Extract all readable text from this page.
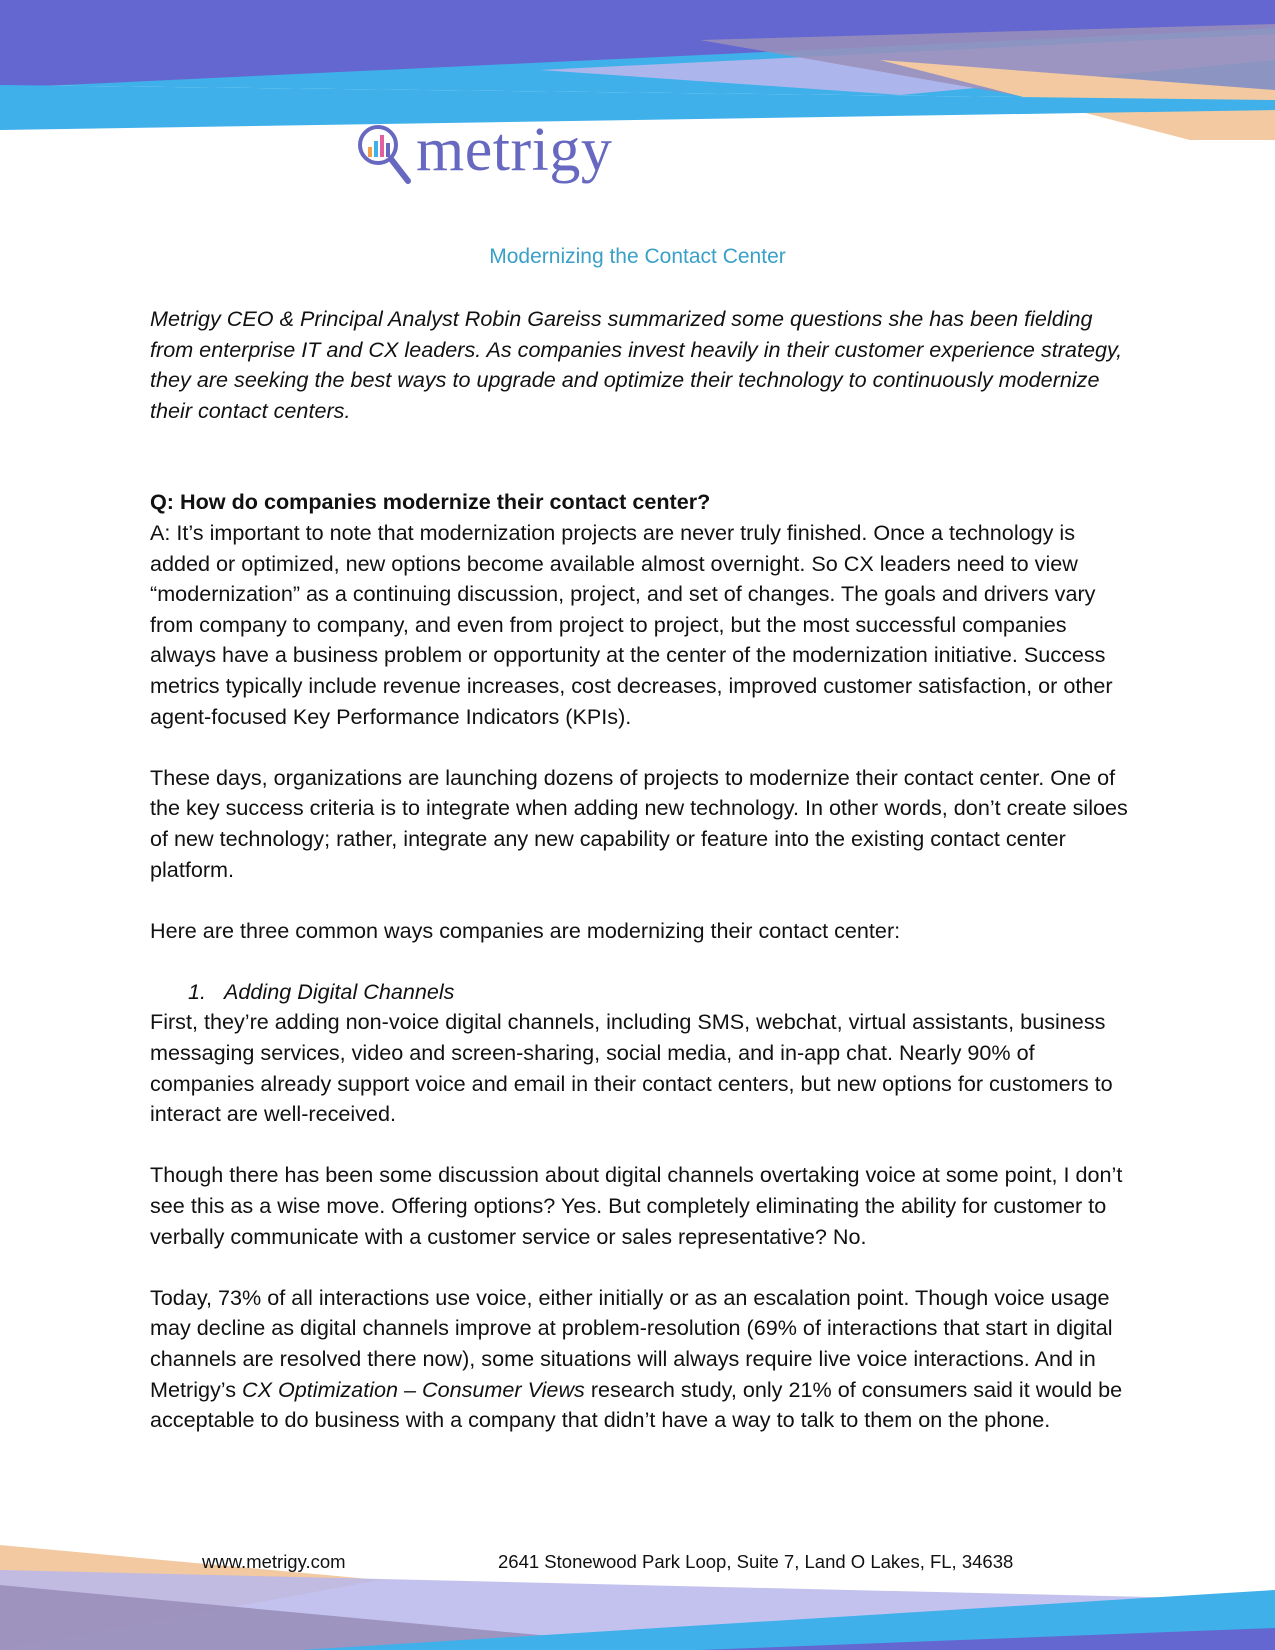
metrigy
Modernizing the Contact Center

Metrigy CEO & Principal Analyst Robin Gareiss summarized some questions she has been fielding from enterprise IT and CX leaders. As companies invest heavily in their customer experience strategy, they are seeking the best ways to upgrade and optimize their technology to continuously modernize their contact centers.

Q: How do companies modernize their contact center?

A: It’s important to note that modernization projects are never truly finished. Once a technology is added or optimized, new options become available almost overnight. So CX leaders need to view “modernization” as a continuing discussion, project, and set of changes. The goals and drivers vary from company to company, and even from project to project, but the most successful companies always have a business problem or opportunity at the center of the modernization initiative. Success metrics typically include revenue increases, cost decreases, improved customer satisfaction, or other agent-focused Key Performance Indicators (KPIs).

These days, organizations are launching dozens of projects to modernize their contact center. One of the key success criteria is to integrate when adding new technology. In other words, don’t create siloes of new technology; rather, integrate any new capability or feature into the existing contact center platform.

Here are three common ways companies are modernizing their contact center:

1. Adding Digital Channels

First, they’re adding non-voice digital channels, including SMS, webchat, virtual assistants, business messaging services, video and screen-sharing, social media, and in-app chat. Nearly 90% of companies already support voice and email in their contact centers, but new options for customers to interact are well-received.

Though there has been some discussion about digital channels overtaking voice at some point, I don’t see this as a wise move. Offering options? Yes. But completely eliminating the ability for customer to verbally communicate with a customer service or sales representative? No.

Today, 73% of all interactions use voice, either initially or as an escalation point. Though voice usage may decline as digital channels improve at problem-resolution (69% of interactions that start in digital channels are resolved there now), some situations will always require live voice interactions. And in Metrigy’s CX Optimization – Consumer Views research study, only 21% of consumers said it would be acceptable to do business with a company that didn’t have a way to talk to them on the phone.

www.metrigy.com	2641 Stonewood Park Loop, Suite 7, Land O Lakes, FL, 34638
